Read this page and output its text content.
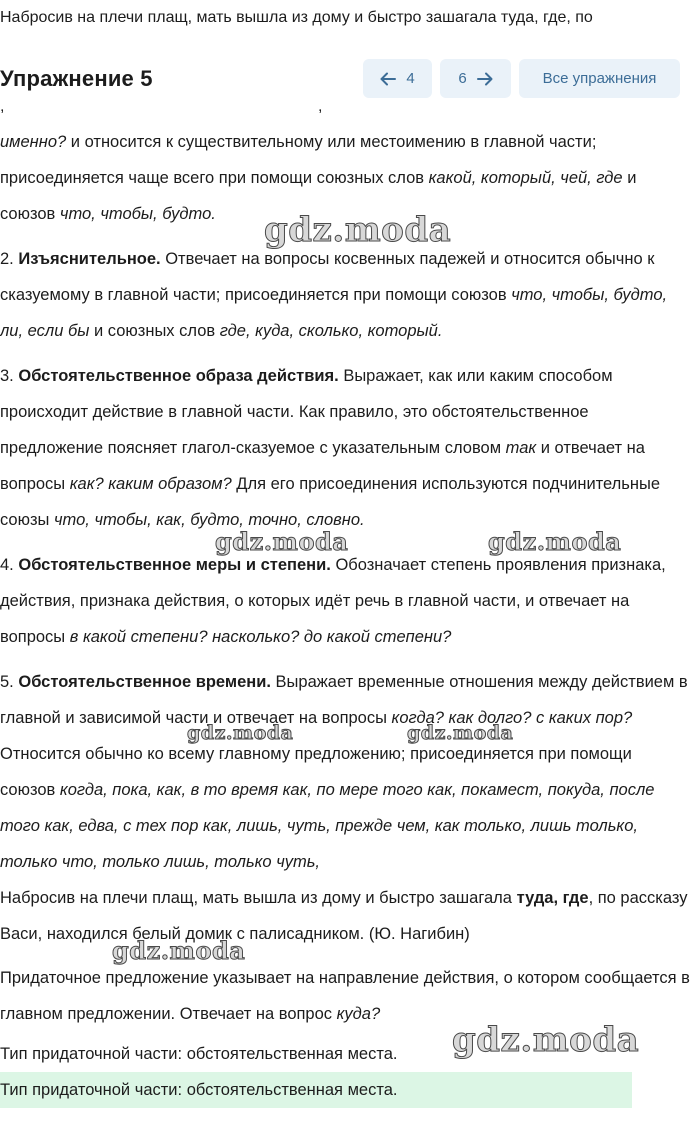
Набросив на плечи плащ, мать вышла из дому и быстро зашагала туда, где, по
Упражнение 5	4	6	Все упражнения
,	,

именно? и относится к существительному или местоимению в главной части; присоединяется чаще всего при помощи союзных слов какой, который, чей, где и союзов что, чтобы, будто.

2. Изъяснительное. Отвечает на вопросы косвенных падежей и относится обычно к сказуемому в главной части; присоединяется при помощи союзов что, чтобы, будто, ли, если бы и союзных слов где, куда, сколько, который.

3. Обстоятельственное образа действия. Выражает, как или каким способом происходит действие в главной части. Как правило, это обстоятельственное предложение поясняет глагол-сказуемое с указательным словом так и отвечает на вопросы как? каким образом? Для его присоединения используются подчинительные союзы что, чтобы, как, будто, точно, словно.

4. Обстоятельственное меры и степени. Обозначает степень проявления признака, действия, признака действия, о которых идёт речь в главной части, и отвечает на вопросы в какой степени? насколько? до какой степени?

5. Обстоятельственное времени. Выражает временные отношения между действием в главной и зависимой части и отвечает на вопросы когда? как долго? с каких пор? Относится обычно ко всему главному предложению; присоединяется при помощи союзов когда, пока, как, в то время как, по мере того как, покамест, покуда, после того как, едва, с тех пор как, лишь, чуть, прежде чем, как только, лишь только, только что, только лишь, только чуть,

Набросив на плечи плащ, мать вышла из дому и быстро зашагала туда, где, по рассказу Васи, находился белый домик с палисадником. (Ю. Нагибин)

Придаточное предложение указывает на направление действия, о котором сообщается в главном предложении. Отвечает на вопрос куда?

Тип придаточной части: обстоятельственная места.

Тип придаточной части: обстоятельственная места.
gdz.moda
gdz.moda	gdz.moda
gdz.moda	gdz.moda
gdz.moda
gdz.moda
